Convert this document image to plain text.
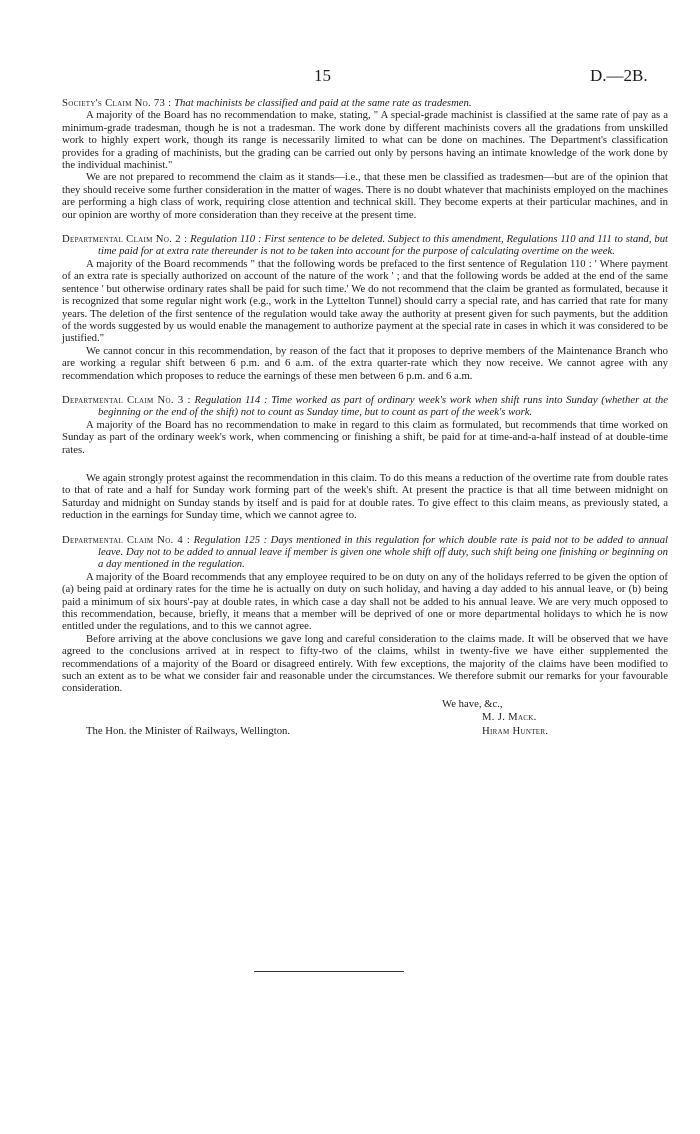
15	D.—2B.

Society's Claim No. 73 : That machinists be classified and paid at the same rate as tradesmen.

A majority of the Board has no recommendation to make, stating, " A special-grade machinist is classified at the same rate of pay as a minimum-grade tradesman, though he is not a tradesman. The work done by different machinists covers all the gradations from unskilled work to highly expert work, though its range is necessarily limited to what can be done on machines. The Department's classification provides for a grading of machinists, but the grading can be carried out only by persons having an intimate knowledge of the work done by the individual machinist."

We are not prepared to recommend the claim as it stands—i.e., that these men be classified as tradesmen—but are of the opinion that they should receive some further consideration in the matter of wages. There is no doubt whatever that machinists employed on the machines are performing a high class of work, requiring close attention and technical skill. They become experts at their particular machines, and in our opinion are worthy of more consideration than they receive at the present time.

Departmental Claim No. 2 : Regulation 110 : First sentence to be deleted. Subject to this amendment, Regulations 110 and 111 to stand, but time paid for at extra rate thereunder is not to be taken into account for the purpose of calculating overtime on the week.

A majority of the Board recommends " that the following words be prefaced to the first sentence of Regulation 110 : ' Where payment of an extra rate is specially authorized on account of the nature of the work ' ; and that the following words be added at the end of the same sentence ' but otherwise ordinary rates shall be paid for such time.' We do not recommend that the claim be granted as formulated, because it is recognized that some regular night work (e.g., work in the Lyttelton Tunnel) should carry a special rate, and has carried that rate for many years. The deletion of the first sentence of the regulation would take away the authority at present given for such payments, but the addition of the words suggested by us would enable the management to authorize payment at the special rate in cases in which it was considered to be justified."

We cannot concur in this recommendation, by reason of the fact that it proposes to deprive members of the Maintenance Branch who are working a regular shift between 6 p.m. and 6 a.m. of the extra quarter-rate which they now receive. We cannot agree with any recommendation which proposes to reduce the earnings of these men between 6 p.m. and 6 a.m.

Departmental Claim No. 3 : Regulation 114 : Time worked as part of ordinary week's work when shift runs into Sunday (whether at the beginning or the end of the shift) not to count as Sunday time, but to count as part of the week's work.

A majority of the Board has no recommendation to make in regard to this claim as formulated, but recommends that time worked on Sunday as part of the ordinary week's work, when commencing or finishing a shift, be paid for at time-and-a-half instead of at double-time rates.

We again strongly protest against the recommendation in this claim. To do this means a reduction of the overtime rate from double rates to that of rate and a half for Sunday work forming part of the week's shift. At present the practice is that all time between midnight on Saturday and midnight on Sunday stands by itself and is paid for at double rates. To give effect to this claim means, as previously stated, a reduction in the earnings for Sunday time, which we cannot agree to.

Departmental Claim No. 4 : Regulation 125 : Days mentioned in this regulation for which double rate is paid not to be added to annual leave. Day not to be added to annual leave if member is given one whole shift off duty, such shift being one finishing or beginning on a day mentioned in the regulation.

A majority of the Board recommends that any employee required to be on duty on any of the holidays referred to be given the option of (a) being paid at ordinary rates for the time he is actually on duty on such holiday, and having a day added to his annual leave, or (b) being paid a minimum of six hours'-pay at double rates, in which case a day shall not be added to his annual leave. We are very much opposed to this recommendation, because, briefly, it means that a member will be deprived of one or more departmental holidays to which he is now entitled under the regulations, and to this we cannot agree.

Before arriving at the above conclusions we gave long and careful consideration to the claims made. It will be observed that we have agreed to the conclusions arrived at in respect to fifty-two of the claims, whilst in twenty-five we have either supplemented the recommendations of a majority of the Board or disagreed entirely. With few exceptions, the majority of the claims have been modified to such an extent as to be what we consider fair and reasonable under the circumstances. We therefore submit our remarks for your favourable consideration.

We have, &c.,
M. J. Mack.
The Hon. the Minister of Railways, Wellington.	Hiram Hunter.
